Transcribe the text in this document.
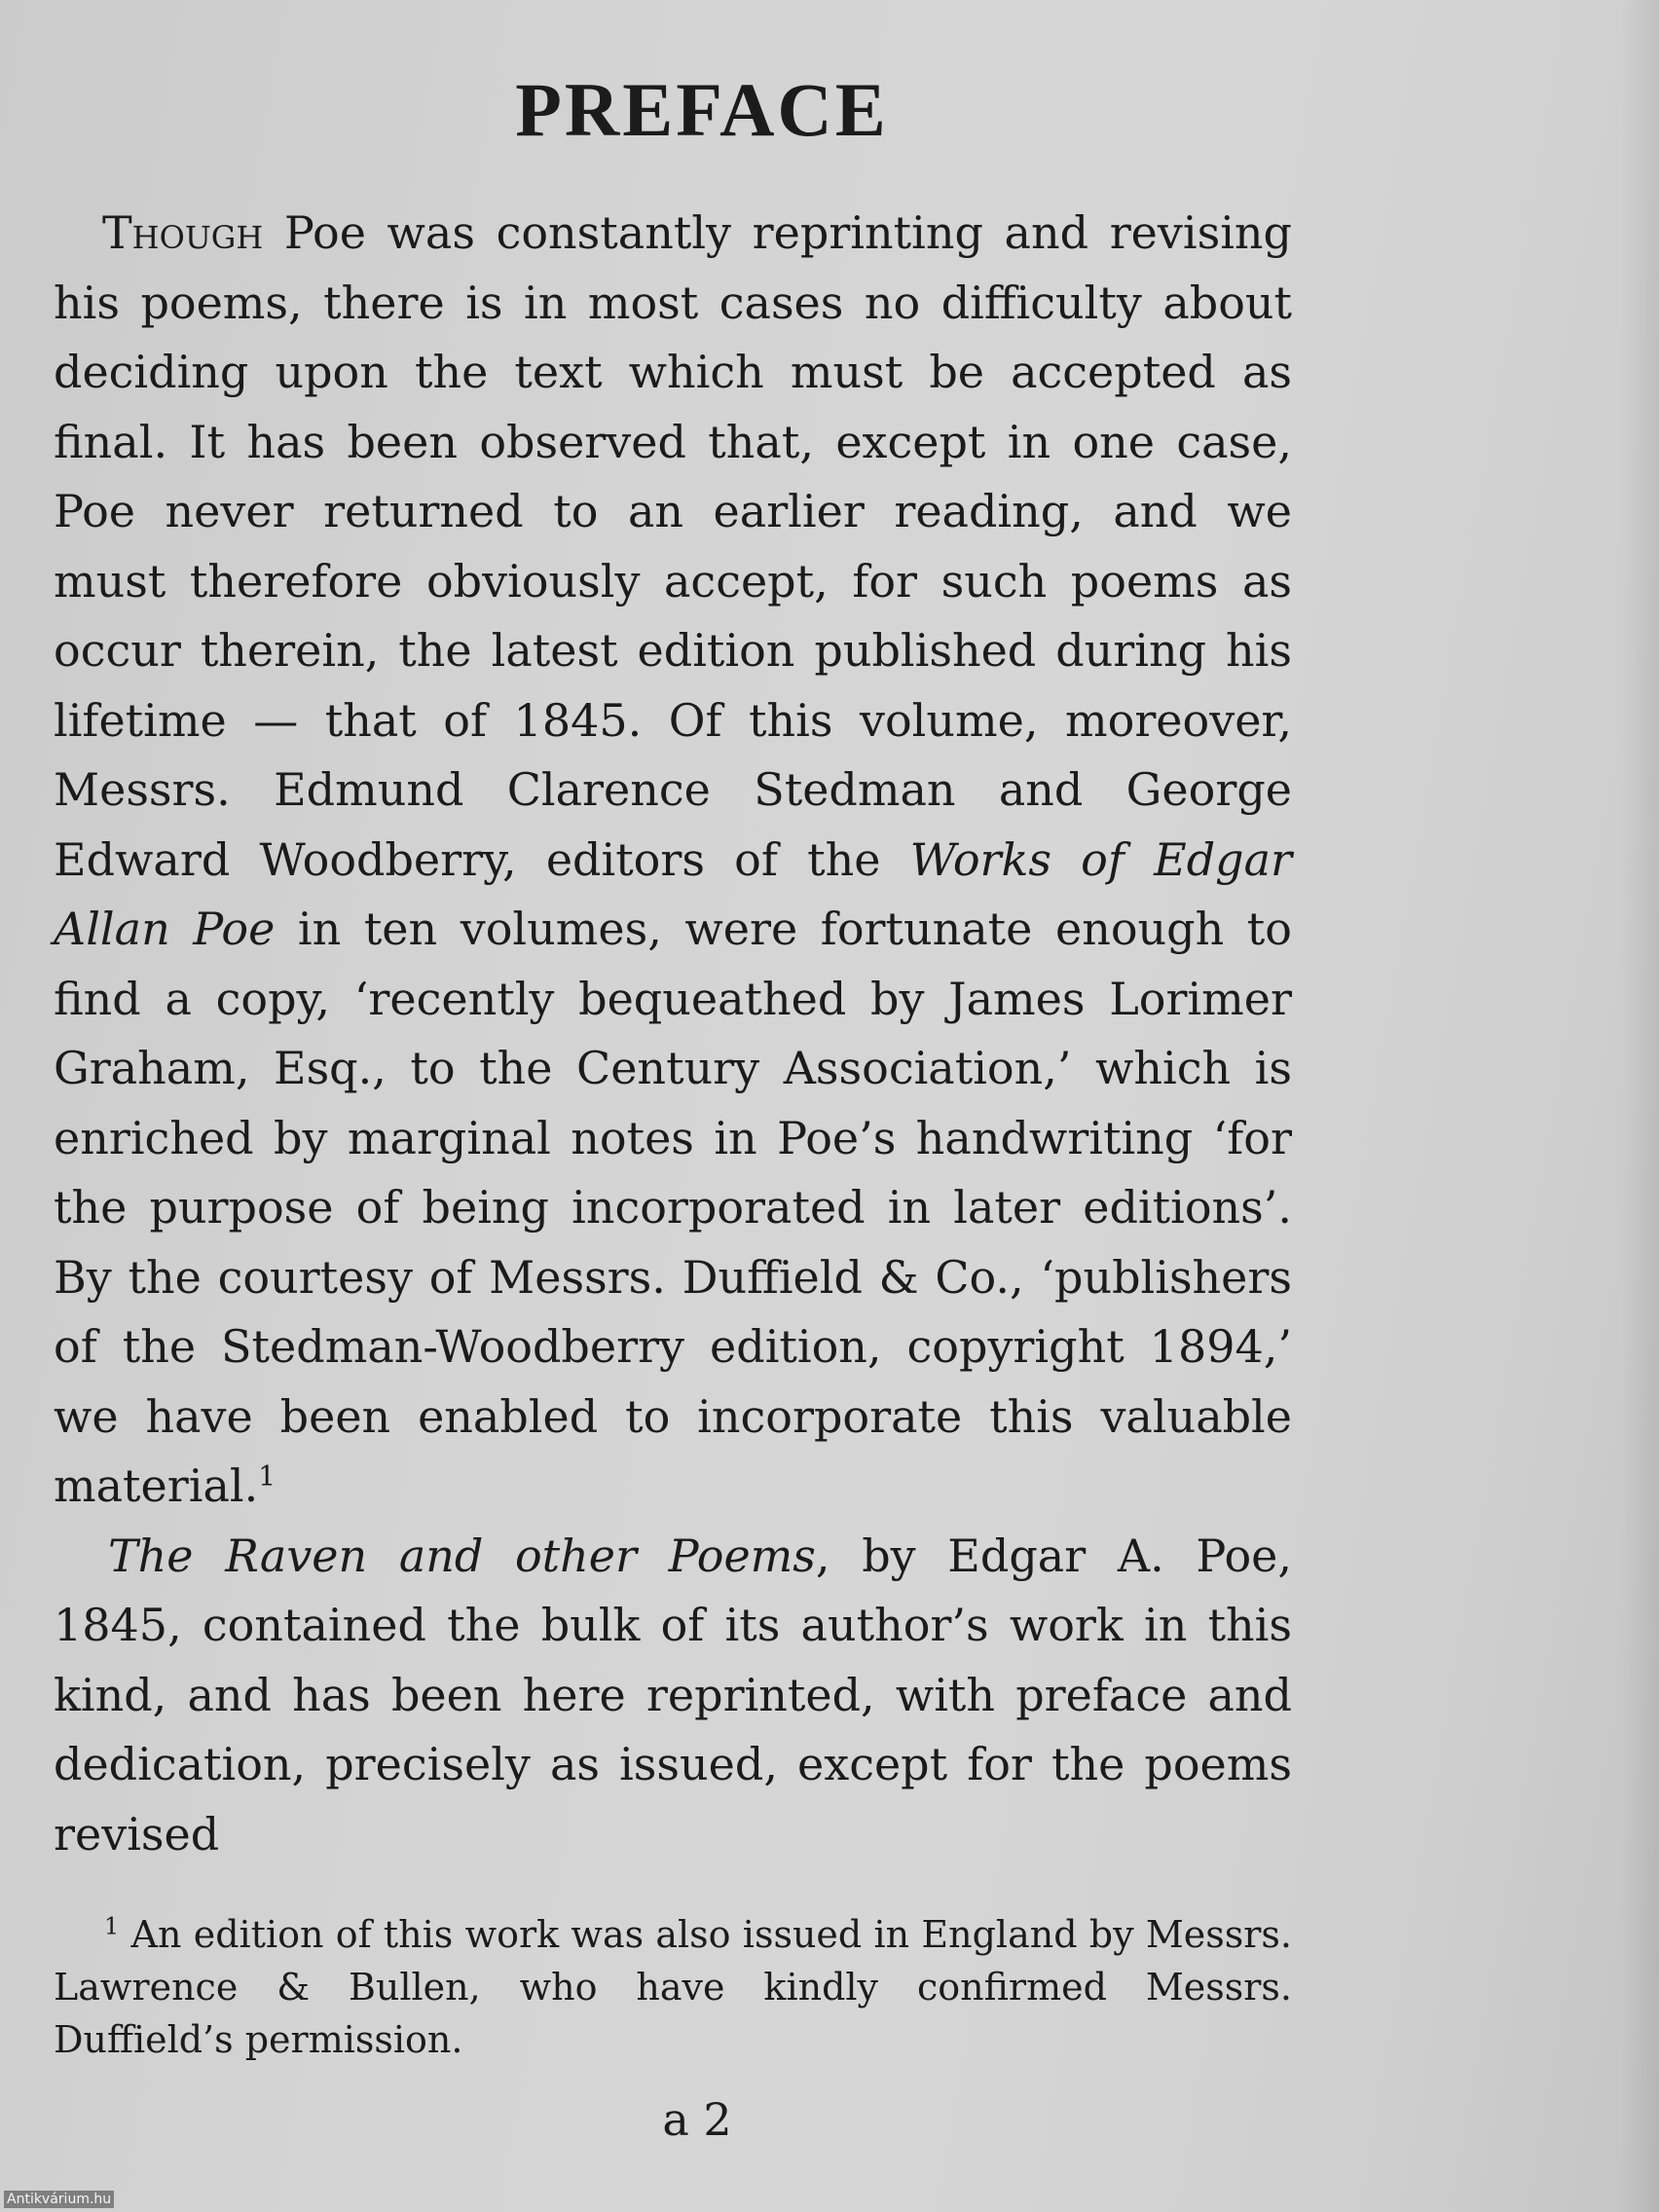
PREFACE

Though Poe was constantly reprinting and revising his poems, there is in most cases no difficulty about deciding upon the text which must be accepted as final. It has been observed that, except in one case, Poe never returned to an earlier reading, and we must therefore obviously accept, for such poems as occur therein, the latest edition published during his lifetime — that of 1845. Of this volume, moreover, Messrs. Edmund Clarence Stedman and George Edward Woodberry, editors of the Works of Edgar Allan Poe in ten volumes, were fortunate enough to find a copy, ‘recently bequeathed by James Lorimer Graham, Esq., to the Century Association,’ which is enriched by marginal notes in Poe’s handwriting ‘for the purpose of being incorporated in later editions’. By the courtesy of Messrs. Duffield & Co., ‘publishers of the Stedman-Woodberry edition, copyright 1894,’ we have been enabled to incorporate this valuable material.$^1$

The Raven and other Poems, by Edgar A. Poe, 1845, contained the bulk of its author’s work in this kind, and has been here reprinted, with preface and dedication, precisely as issued, except for the poems revised

$^1$ An edition of this work was also issued in England by Messrs. Lawrence & Bullen, who have kindly confirmed Messrs. Duffield’s permission.

a 2
Antikvárium.hu
